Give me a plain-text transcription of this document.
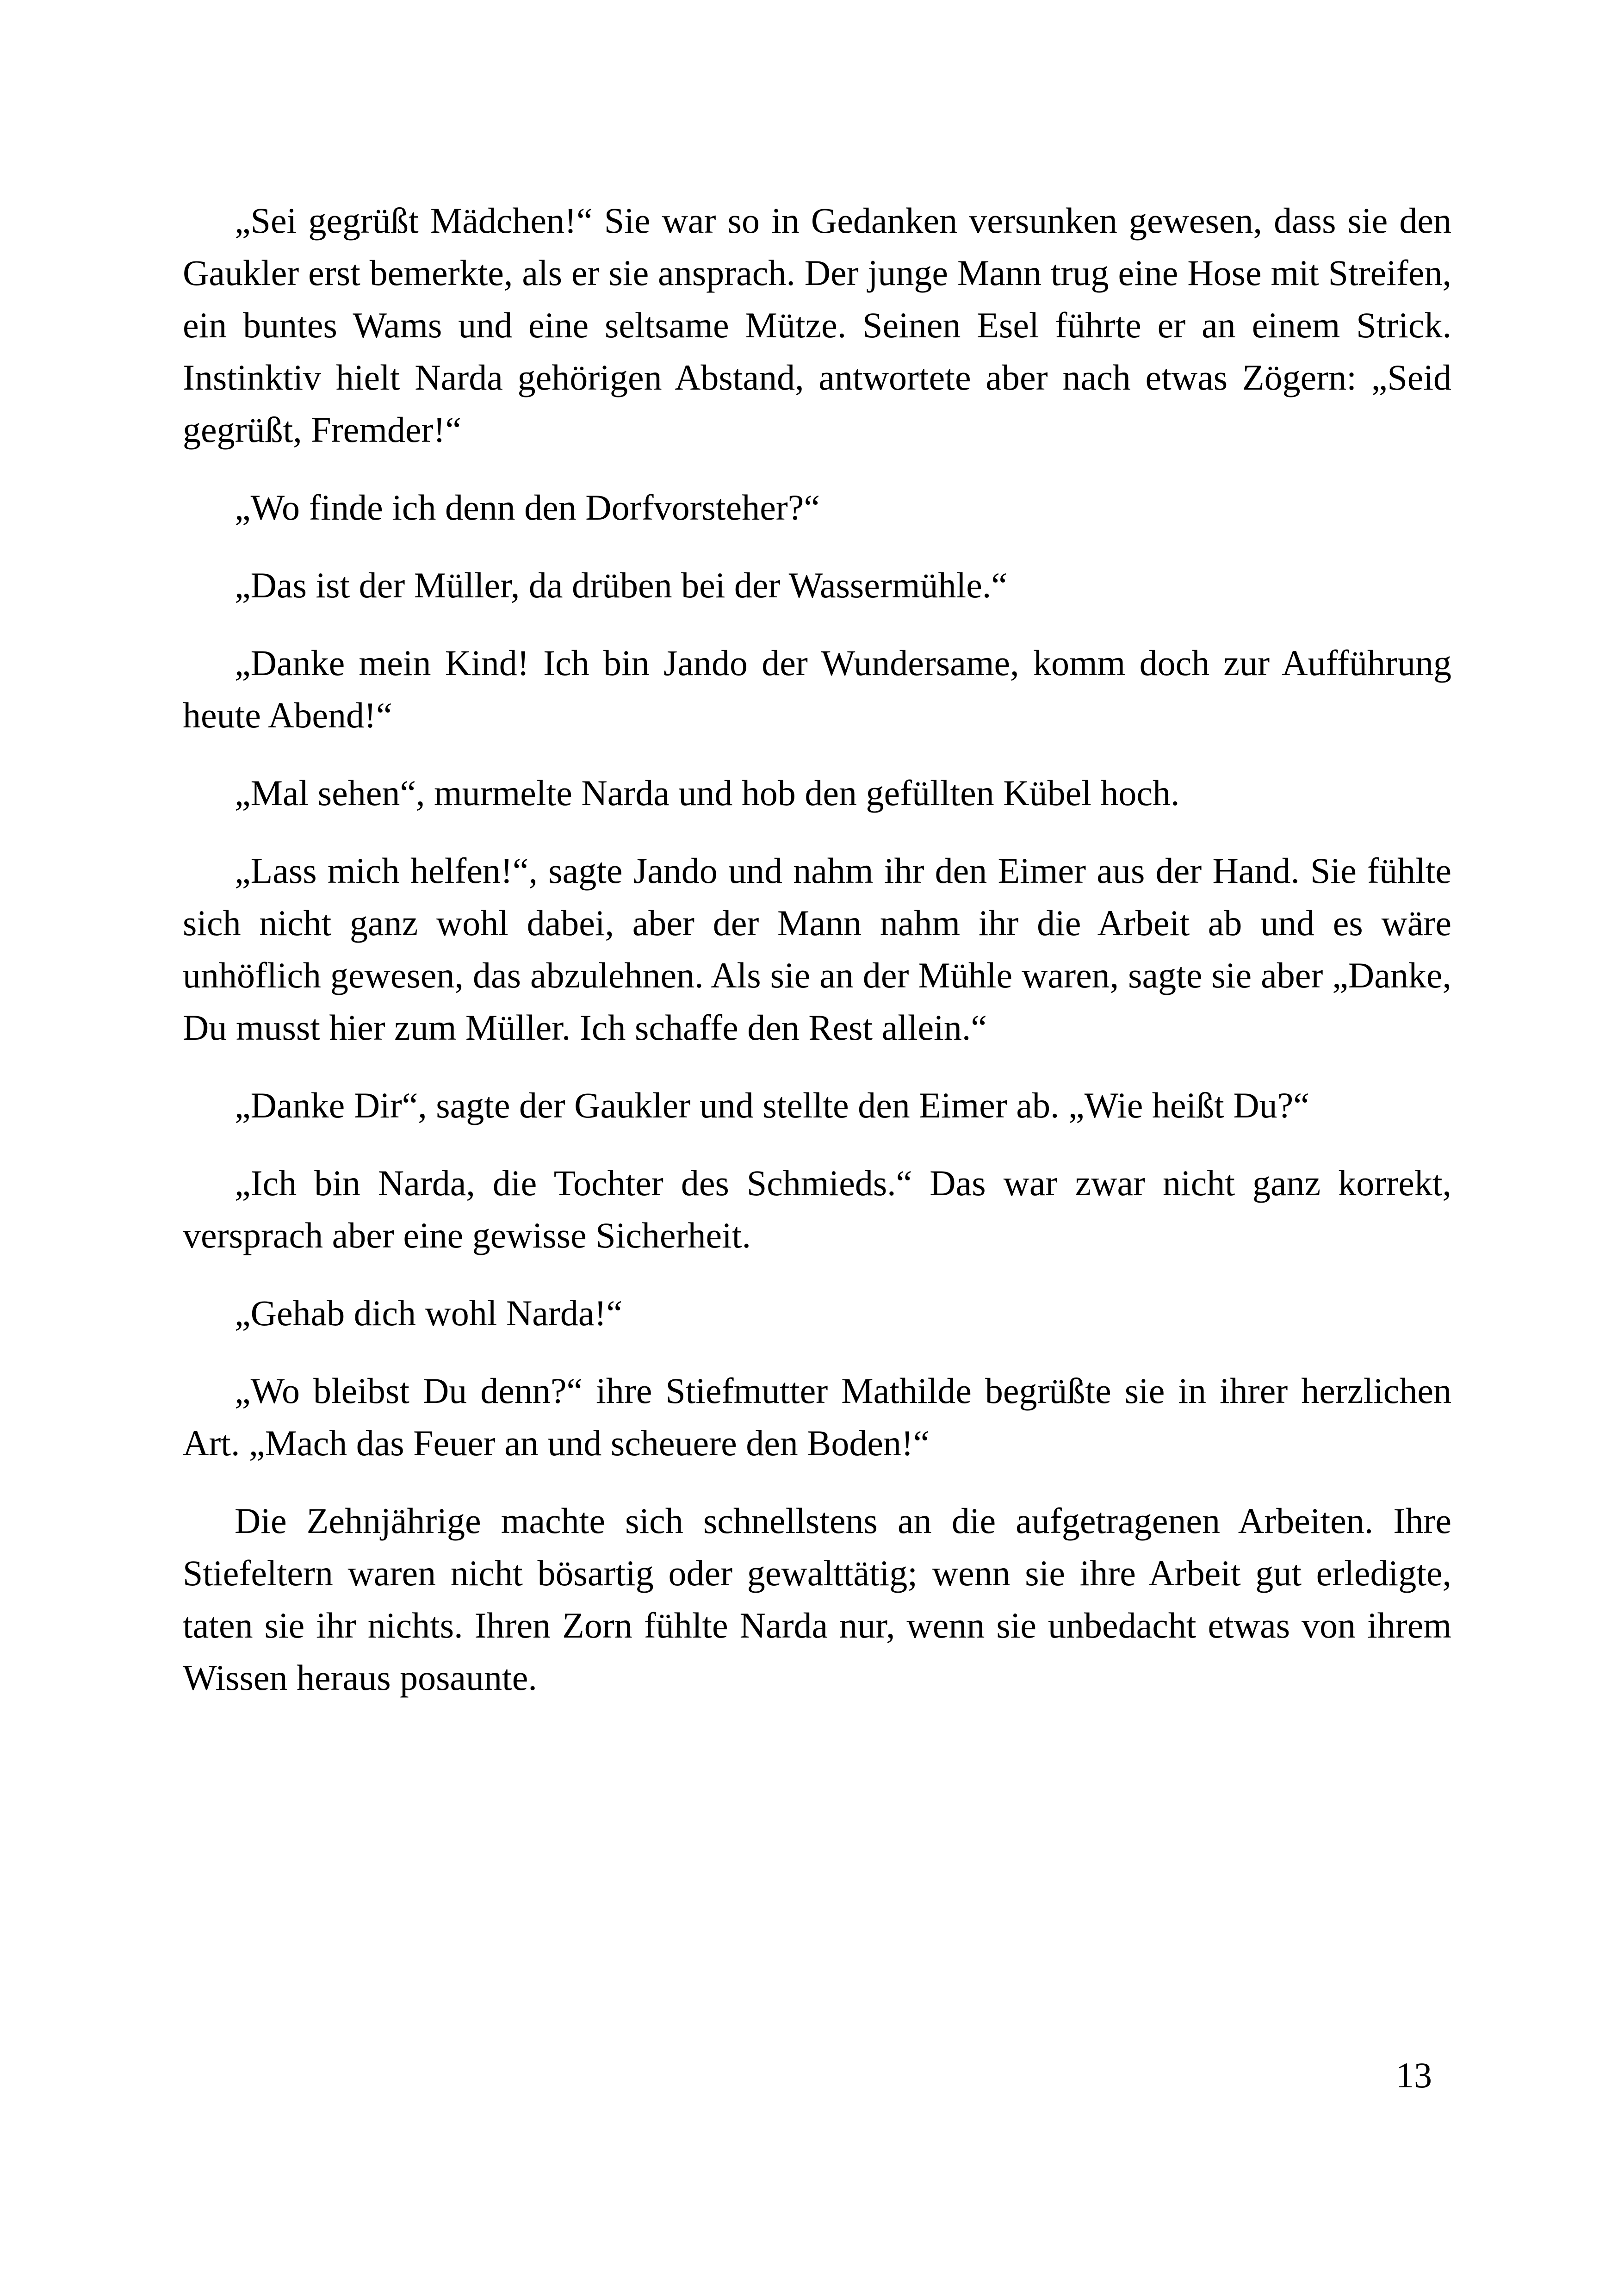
„Sei gegrüßt Mädchen!“ Sie war so in Gedanken versunken gewesen, dass sie den Gaukler erst bemerkte, als er sie ansprach. Der junge Mann trug eine Hose mit Streifen, ein buntes Wams und eine seltsame Mütze. Seinen Esel führte er an einem Strick. Instinktiv hielt Narda gehörigen Abstand, antwortete aber nach etwas Zögern: „Seid gegrüßt, Fremder!“

„Wo finde ich denn den Dorfvorsteher?“

„Das ist der Müller, da drüben bei der Wassermühle.“

„Danke mein Kind! Ich bin Jando der Wundersame, komm doch zur Aufführung heute Abend!“

„Mal sehen“, murmelte Narda und hob den gefüllten Kübel hoch.

„Lass mich helfen!“, sagte Jando und nahm ihr den Eimer aus der Hand. Sie fühlte sich nicht ganz wohl dabei, aber der Mann nahm ihr die Arbeit ab und es wäre unhöflich gewesen, das abzulehnen. Als sie an der Mühle waren, sagte sie aber „Danke, Du musst hier zum Müller. Ich schaffe den Rest allein.“

„Danke Dir“, sagte der Gaukler und stellte den Eimer ab. „Wie heißt Du?“

„Ich bin Narda, die Tochter des Schmieds.“ Das war zwar nicht ganz korrekt, versprach aber eine gewisse Sicherheit.

„Gehab dich wohl Narda!“

„Wo bleibst Du denn?“ ihre Stiefmutter Mathilde begrüßte sie in ihrer herzlichen Art. „Mach das Feuer an und scheuere den Boden!“

Die Zehnjährige machte sich schnellstens an die aufgetragenen Arbeiten. Ihre Stiefeltern waren nicht bösartig oder gewalttätig; wenn sie ihre Arbeit gut erledigte, taten sie ihr nichts. Ihren Zorn fühlte Narda nur, wenn sie unbedacht etwas von ihrem Wissen heraus posaunte.

13
